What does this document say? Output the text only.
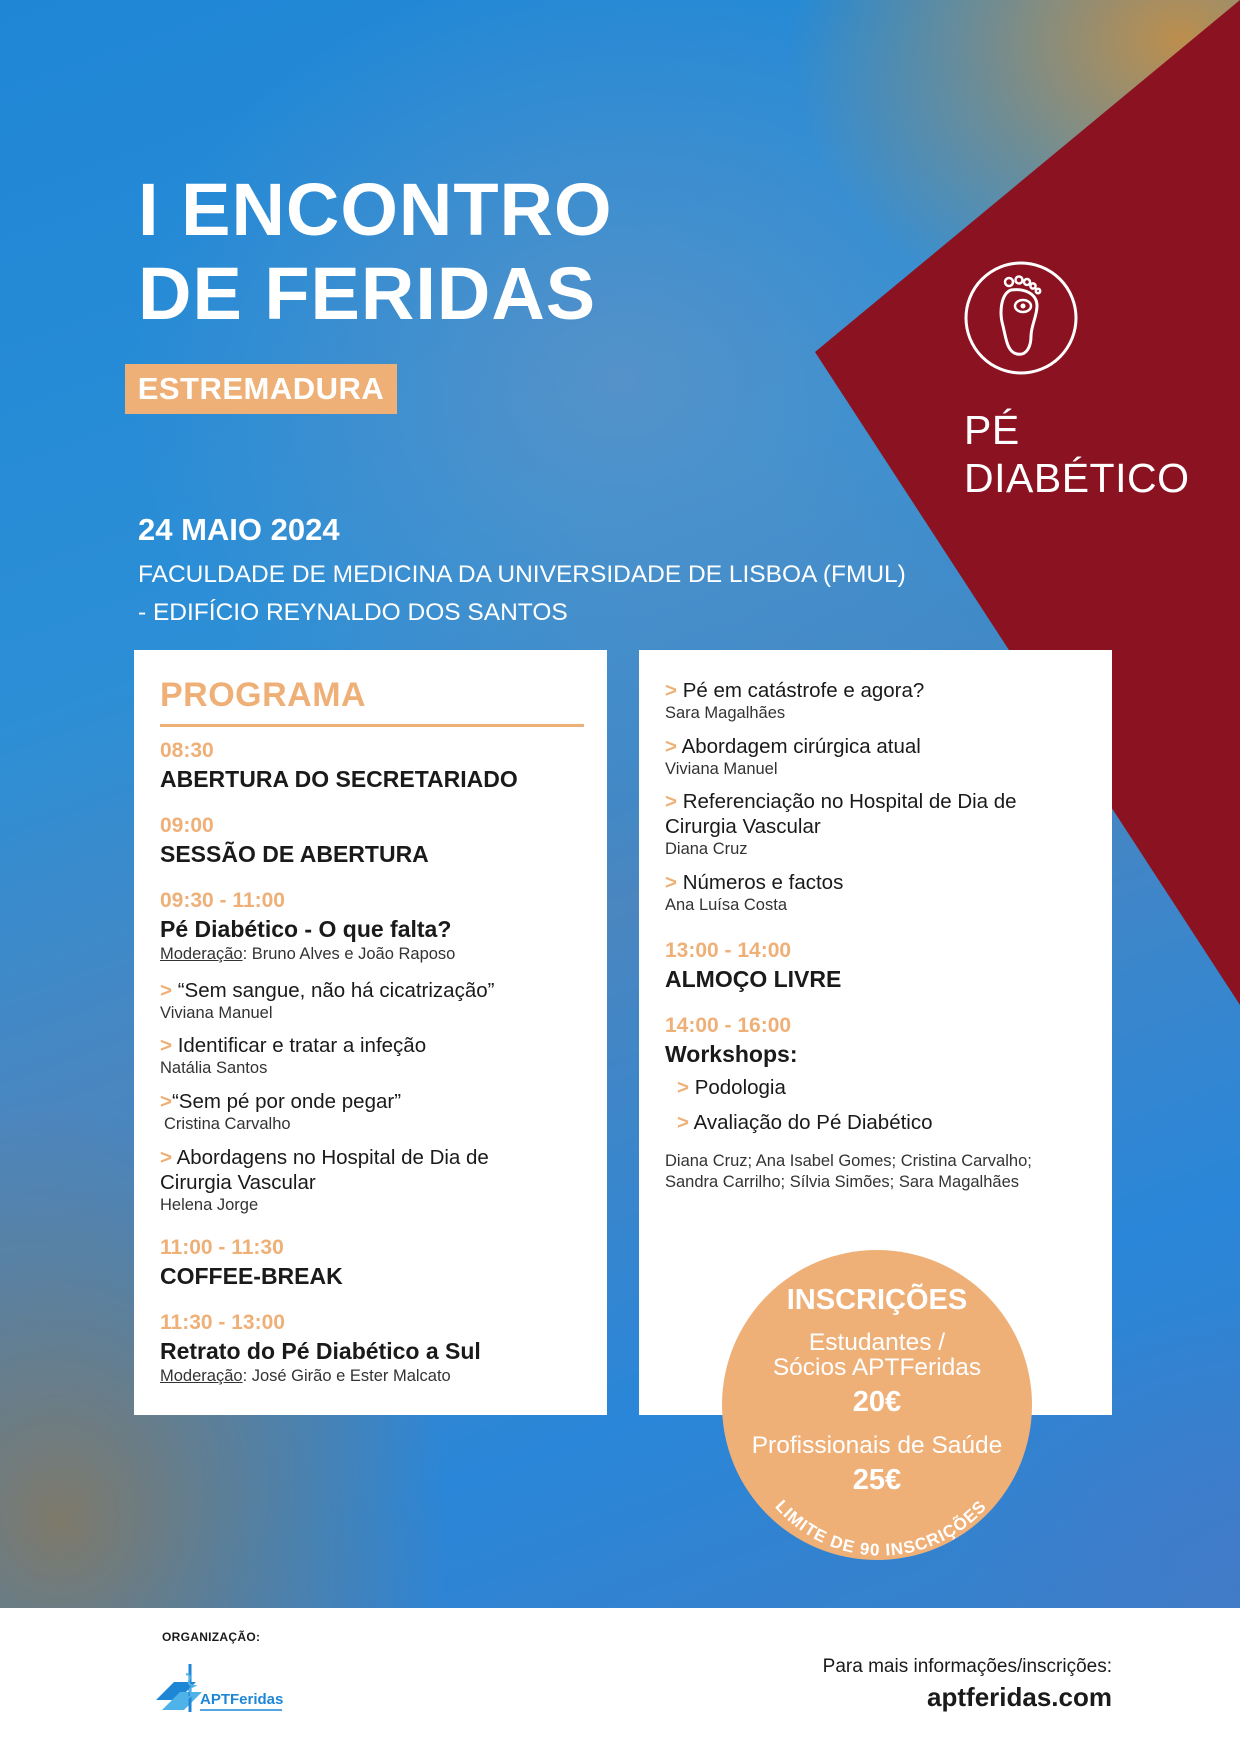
I ENCONTRO
DE FERIDAS
ESTREMADURA
PÉ
DIABÉTICO
24 MAIO 2024
FACULDADE DE MEDICINA DA UNIVERSIDADE DE LISBOA (FMUL)
- EDIFÍCIO REYNALDO DOS SANTOS
PROGRAMA
08:30
ABERTURA DO SECRETARIADO
09:00
SESSÃO DE ABERTURA
09:30 - 11:00
Pé Diabético - O que falta?
Moderação: Bruno Alves e João Raposo
> “Sem sangue, não há cicatrização”
Viviana Manuel
> Identificar e tratar a infeção
Natália Santos
>“Sem pé por onde pegar”
Cristina Carvalho
> Abordagens no Hospital de Dia de
Cirurgia Vascular
Helena Jorge
11:00 - 11:30
COFFEE-BREAK
11:30 - 13:00
Retrato do Pé Diabético a Sul
Moderação: José Girão e Ester Malcato
> Pé em catástrofe e agora?
Sara Magalhães
> Abordagem cirúrgica atual
Viviana Manuel
> Referenciação no Hospital de Dia de
Cirurgia Vascular
Diana Cruz
> Números e factos
Ana Luísa Costa
13:00 - 14:00
ALMOÇO LIVRE
14:00 - 16:00
Workshops:
> Podologia
> Avaliação do Pé Diabético
Diana Cruz; Ana Isabel Gomes; Cristina Carvalho;
Sandra Carrilho; Sílvia Simões; Sara Magalhães
INSCRIÇÕES
Estudantes /
Sócios APTFeridas
20€
Profissionais de Saúde
25€
LIMITE DE 90 INSCRIÇÕES
ORGANIZAÇÃO:
APTFeridas
Para mais informações/inscrições:
aptferidas.com
